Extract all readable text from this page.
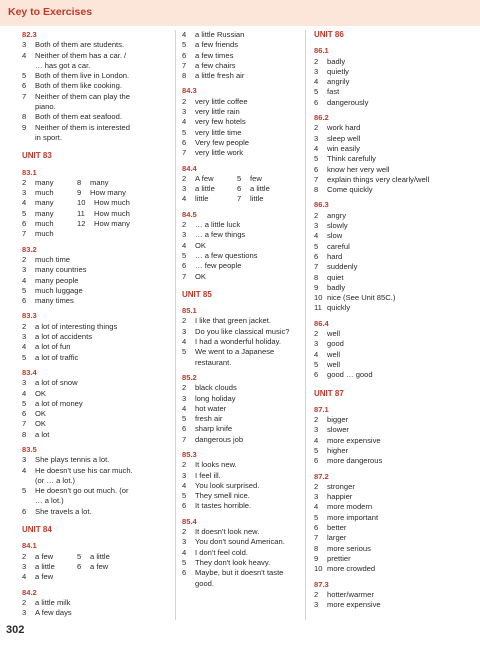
Key to Exercises
82.3
3	Both of them are students.
4	Neither of them has a car. /
… has got a car.
5	Both of them live in London.
6	Both of them like cooking.
7	Neither of them can play the
piano.
8	Both of them eat seafood.
9	Neither of them is interested
in sport.
UNIT 83
83.1
2	many	8	many
3	much	9	How many
4	many	10 How much
5	many	11 How much
6	much	12 How many
7	much
83.2
2	much time
3	many countries
4	many people
5	much luggage
6	many times
83.3
2	a lot of interesting things
3	a lot of accidents
4	a lot of fun
5	a lot of traffic
83.4
3	a lot of snow
4	OK
5	a lot of money
6	OK
7	OK
8	a lot
83.5
3	She plays tennis a lot.
4	He doesn't use his car much.
(or … a lot.)
5	He doesn't go out much. (or
… a lot.)
6	She travels a lot.
UNIT 84
84.1
2	a few	5	a little
3	a little	6	a few
4	a few
84.2
2	a little milk
3	A few days
4	a little Russian
5	a few friends
6	a few times
7	a few chairs
8	a little fresh air
84.3
2	very little coffee
3	very little rain
4	very few hotels
5	very little time
6	Very few people
7	very little work
84.4
2	A few	5	few
3	a little	6	a little
4	little	7	little
84.5
2	… a little luck
3	… a few things
4	OK
5	… a few questions
6	… few people
7	OK
UNIT 85
85.1
2	I like that green jacket.
3	Do you like classical music?
4	I had a wonderful holiday.
5	We went to a Japanese
restaurant.
85.2
2	black clouds
3	long holiday
4	hot water
5	fresh air
6	sharp knife
7	dangerous job
85.3
2	It looks new.
3	I feel ill.
4	You look surprised.
5	They smell nice.
6	It tastes horrible.
85.4
2	It doesn't look new.
3	You don't sound American.
4	I don't feel cold.
5	They don't look heavy.
6	Maybe, but it doesn't taste
good.
UNIT 86
86.1
2	badly
3	quietly
4	angrily
5	fast
6	dangerously
86.2
2	work hard
3	sleep well
4	win easily
5	Think carefully
6	know her very well
7	explain things very clearly/well
8	Come quickly
86.3
2	angry
3	slowly
4	slow
5	careful
6	hard
7	suddenly
8	quiet
9	badly
10 nice (See Unit 85C.)
11 quickly
86.4
2	well
3	good
4	well
5	well
6	good … good
UNIT 87
87.1
2	bigger
3	slower
4	more expensive
5	higher
6	more dangerous
87.2
2	stronger
3	happier
4	more modern
5	more important
6	better
7	larger
8	more serious
9	prettier
10 more crowded
87.3
2	hotter/warmer
3	more expensive
302
